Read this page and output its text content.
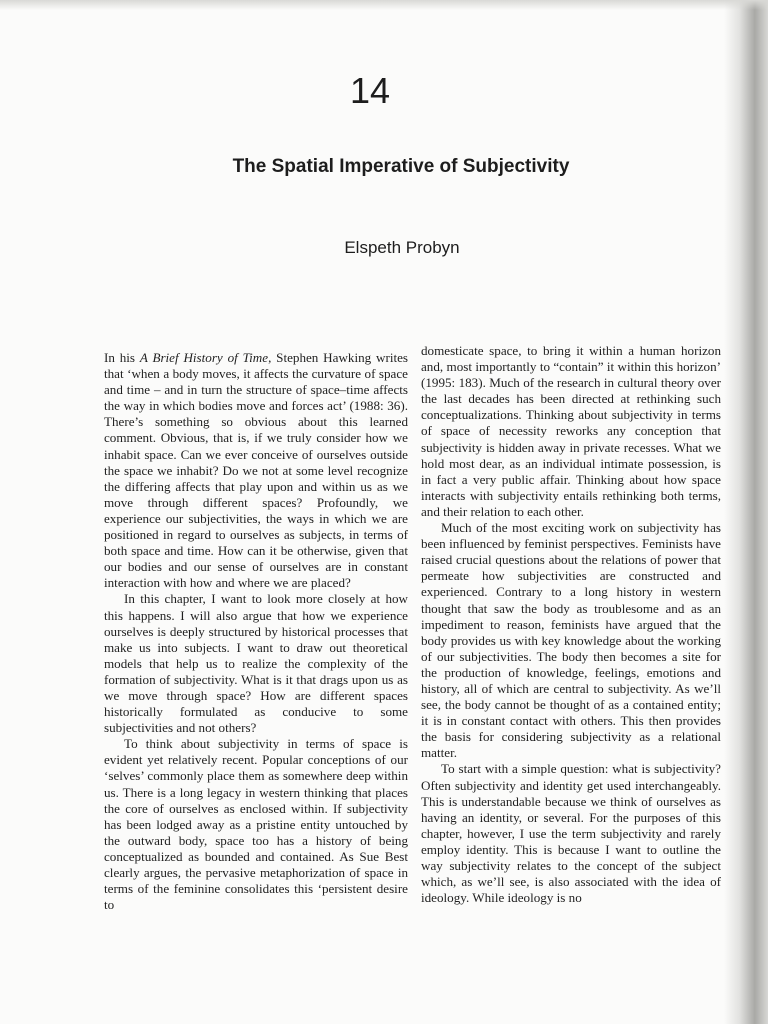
14
The Spatial Imperative of Subjectivity
Elspeth Probyn

In his A Brief History of Time, Stephen Hawking writes that ‘when a body moves, it affects the curvature of space and time – and in turn the structure of space–time affects the way in which bodies move and forces act’ (1988: 36). There’s something so obvious about this learned comment. Obvious, that is, if we truly consider how we inhabit space. Can we ever conceive of ourselves outside the space we inhabit? Do we not at some level recognize the differing affects that play upon and within us as we move through different spaces? Profoundly, we experience our subjectivities, the ways in which we are positioned in regard to ourselves as subjects, in terms of both space and time. How can it be otherwise, given that our bodies and our sense of ourselves are in constant interaction with how and where we are placed?

In this chapter, I want to look more closely at how this happens. I will also argue that how we experience ourselves is deeply structured by historical processes that make us into subjects. I want to draw out theoretical models that help us to realize the complexity of the formation of subjectivity. What is it that drags upon us as we move through space? How are different spaces historically formulated as conducive to some subjectivities and not others?

To think about subjectivity in terms of space is evident yet relatively recent. Popular conceptions of our ‘selves’ commonly place them as somewhere deep within us. There is a long legacy in western thinking that places the core of ourselves as enclosed within. If subjectivity has been lodged away as a pristine entity untouched by the outward body, space too has a history of being conceptualized as bounded and contained. As Sue Best clearly argues, the pervasive metaphorization of space in terms of the feminine consolidates this ‘persistent desire to

domesticate space, to bring it within a human horizon and, most importantly to “contain” it within this horizon’ (1995: 183). Much of the research in cultural theory over the last decades has been directed at rethinking such conceptualizations. Thinking about subjectivity in terms of space of necessity reworks any conception that subjectivity is hidden away in private recesses. What we hold most dear, as an individual intimate possession, is in fact a very public affair. Thinking about how space interacts with subjectivity entails rethinking both terms, and their relation to each other.

Much of the most exciting work on subjectivity has been influenced by feminist perspectives. Feminists have raised crucial questions about the relations of power that permeate how subjectivities are constructed and experienced. Contrary to a long history in western thought that saw the body as troublesome and as an impediment to reason, feminists have argued that the body provides us with key knowledge about the working of our subjectivities. The body then becomes a site for the production of knowledge, feelings, emotions and history, all of which are central to subjectivity. As we’ll see, the body cannot be thought of as a contained entity; it is in constant contact with others. This then provides the basis for considering subjectivity as a relational matter.

To start with a simple question: what is subjectivity? Often subjectivity and identity get used interchangeably. This is understandable because we think of ourselves as having an identity, or several. For the purposes of this chapter, however, I use the term subjectivity and rarely employ identity. This is because I want to outline the way subjectivity relates to the concept of the subject which, as we’ll see, is also associated with the idea of ideology. While ideology is no
